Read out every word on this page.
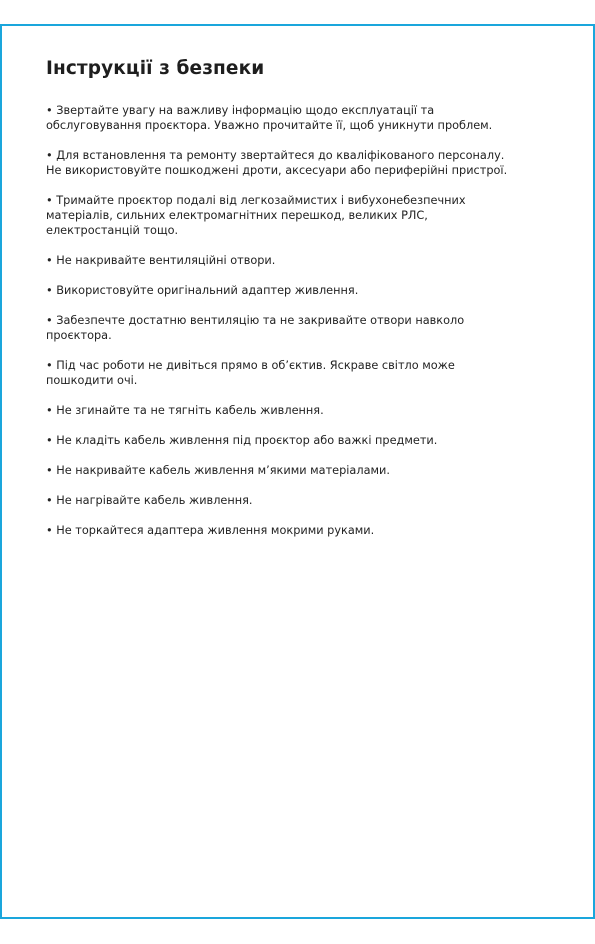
Інструкції з безпеки
• Звертайте увагу на важливу інформацію щодо експлуатації та
обслуговування проєктора. Уважно прочитайте її, щоб уникнути проблем.
• Для встановлення та ремонту звертайтеся до кваліфікованого персоналу.
Не використовуйте пошкоджені дроти, аксесуари або периферійні пристрої.
• Тримайте проєктор подалі від легкозаймистих і вибухонебезпечних
матеріалів, сильних електромагнітних перешкод, великих РЛС,
електростанцій тощо.
• Не накривайте вентиляційні отвори.
• Використовуйте оригінальний адаптер живлення.
• Забезпечте достатню вентиляцію та не закривайте отвори навколо
проєктора.
• Під час роботи не дивіться прямо в об’єктив. Яскраве світло може
пошкодити очі.
• Не згинайте та не тягніть кабель живлення.
• Не кладіть кабель живлення під проєктор або важкі предмети.
• Не накривайте кабель живлення м’якими матеріалами.
• Не нагрівайте кабель живлення.
• Не торкайтеся адаптера живлення мокрими руками.
